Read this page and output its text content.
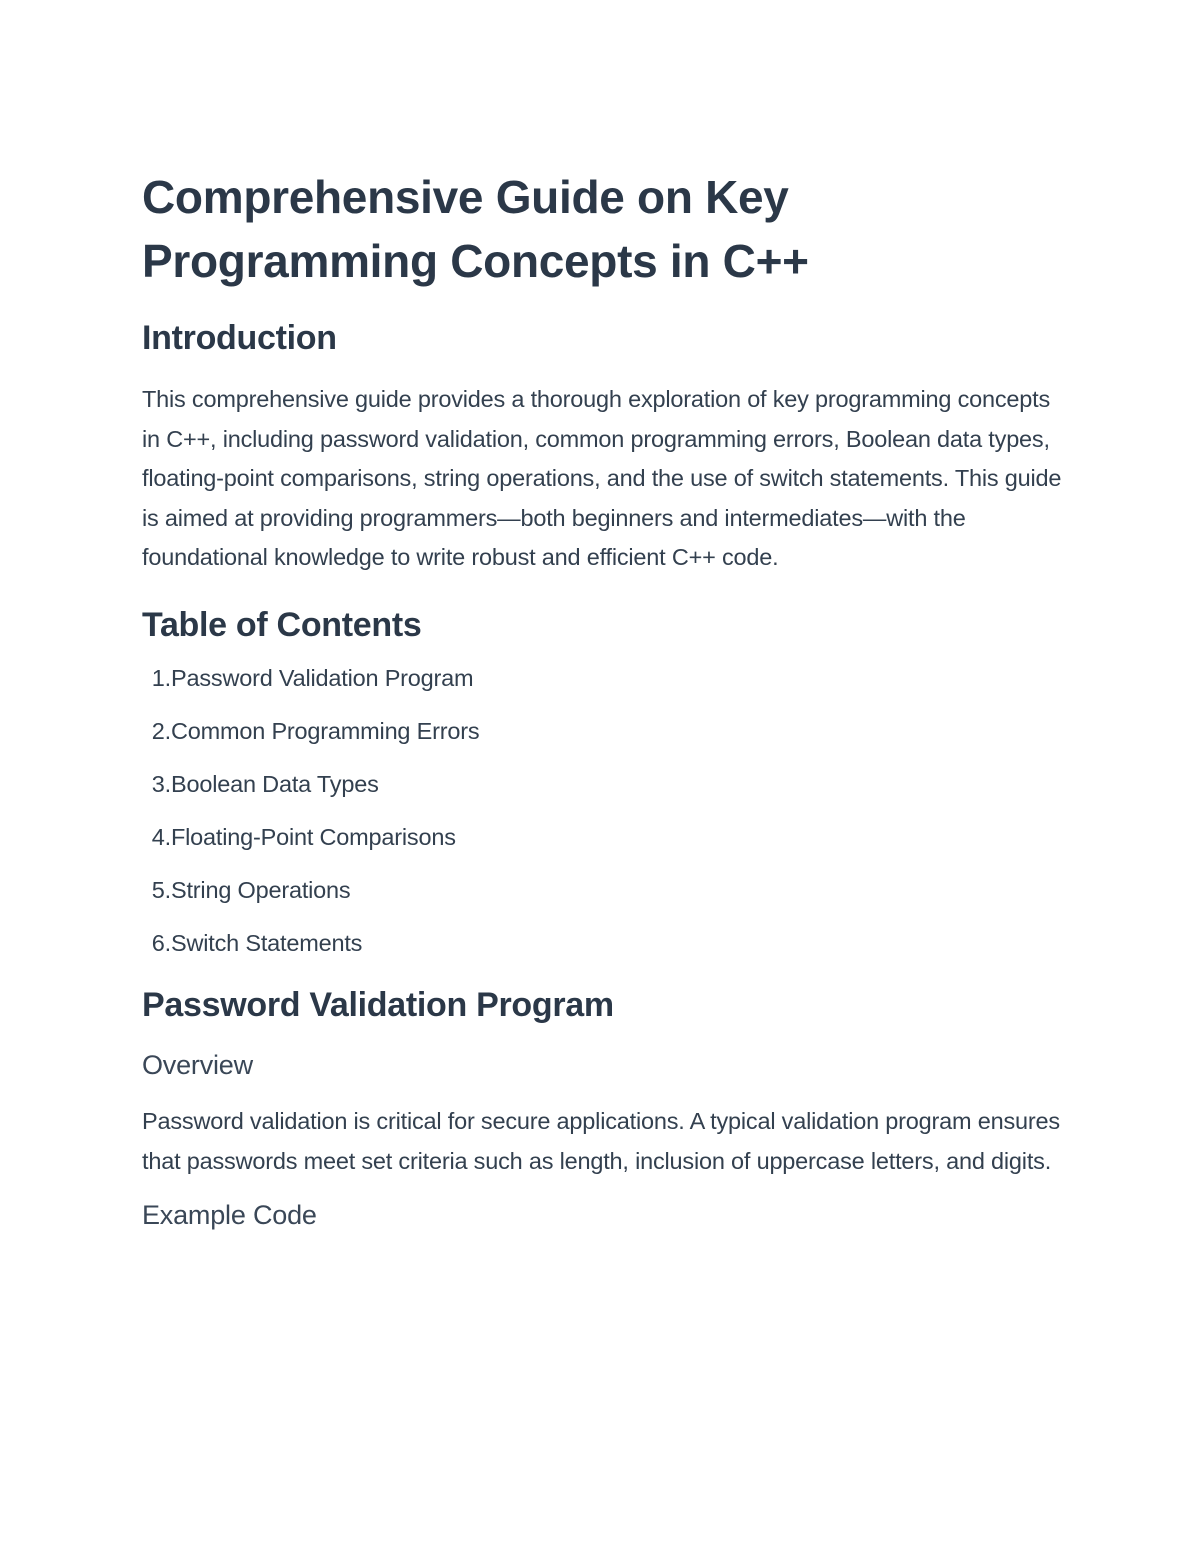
Comprehensive Guide on Key Programming Concepts in C++
Introduction

This comprehensive guide provides a thorough exploration of key programming concepts in C++, including password validation, common programming errors, Boolean data types, floating-point comparisons, string operations, and the use of switch statements. This guide is aimed at providing programmers—both beginners and intermediates—with the foundational knowledge to write robust and efficient C++ code.

Table of Contents
1. Password Validation Program
2. Common Programming Errors
3. Boolean Data Types
4. Floating-Point Comparisons
5. String Operations
6. Switch Statements
Password Validation Program
Overview

Password validation is critical for secure applications. A typical validation program ensures that passwords meet set criteria such as length, inclusion of uppercase letters, and digits.

Example Code
